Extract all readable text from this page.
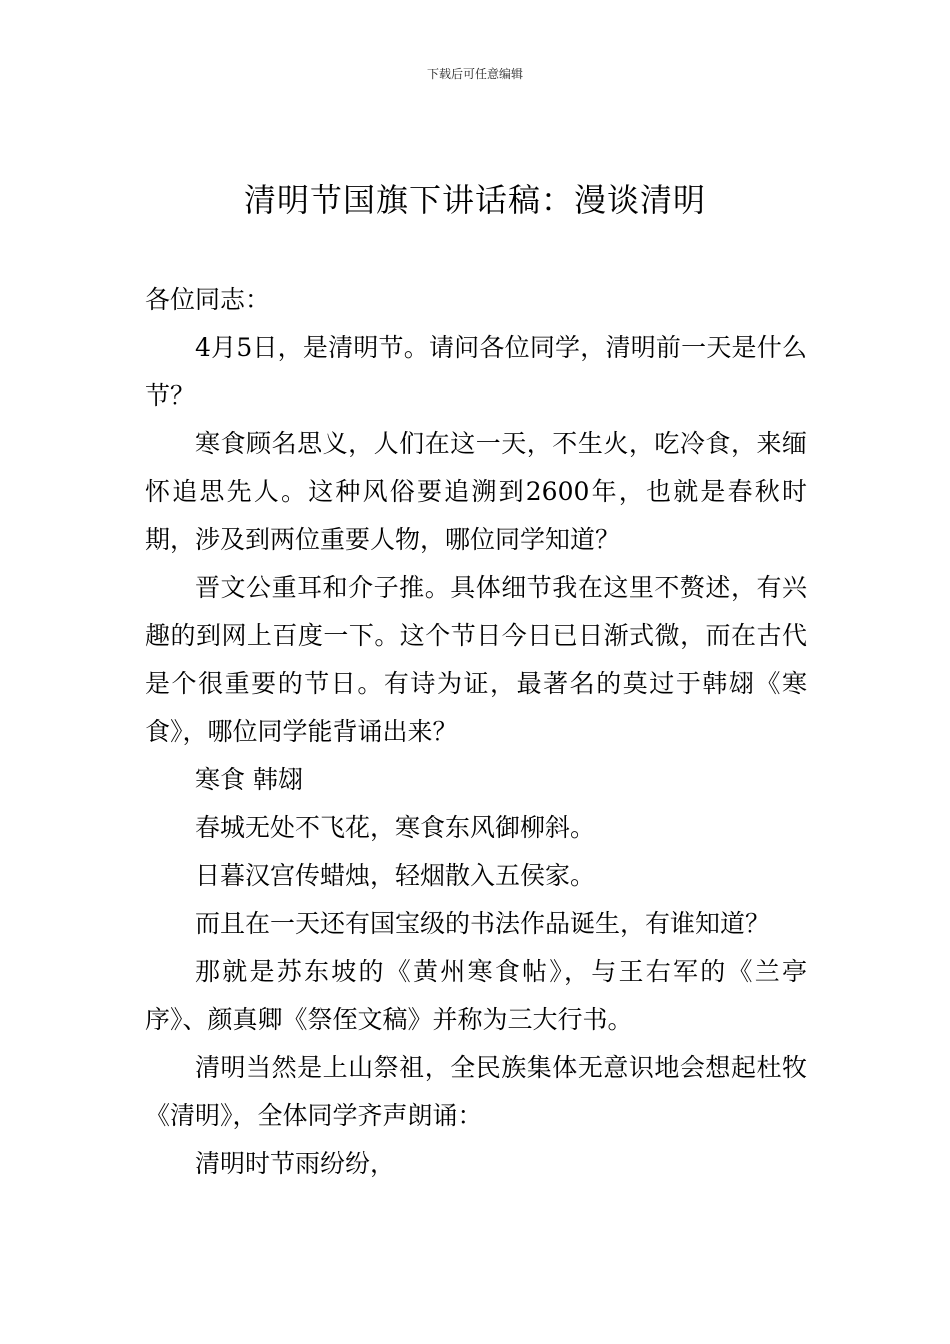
下载后可任意编辑
清明节国旗下讲话稿：漫谈清明

各位同志：

4月5日，是清明节。请问各位同学，清明前一天是什么节？

寒食顾名思义，人们在这一天，不生火，吃冷食，来缅怀追思先人。这种风俗要追溯到2600年，也就是春秋时期，涉及到两位重要人物，哪位同学知道？

晋文公重耳和介子推。具体细节我在这里不赘述，有兴趣的到网上百度一下。这个节日今日已日渐式微，而在古代是个很重要的节日。有诗为证，最著名的莫过于韩翃《寒食》，哪位同学能背诵出来？

寒食 韩翃

春城无处不飞花，寒食东风御柳斜。

日暮汉宫传蜡烛，轻烟散入五侯家。

而且在一天还有国宝级的书法作品诞生，有谁知道？

那就是苏东坡的《黄州寒食帖》，与王右军的《兰亭序》、颜真卿《祭侄文稿》并称为三大行书。

清明当然是上山祭祖，全民族集体无意识地会想起杜牧《清明》，全体同学齐声朗诵：

清明时节雨纷纷，
